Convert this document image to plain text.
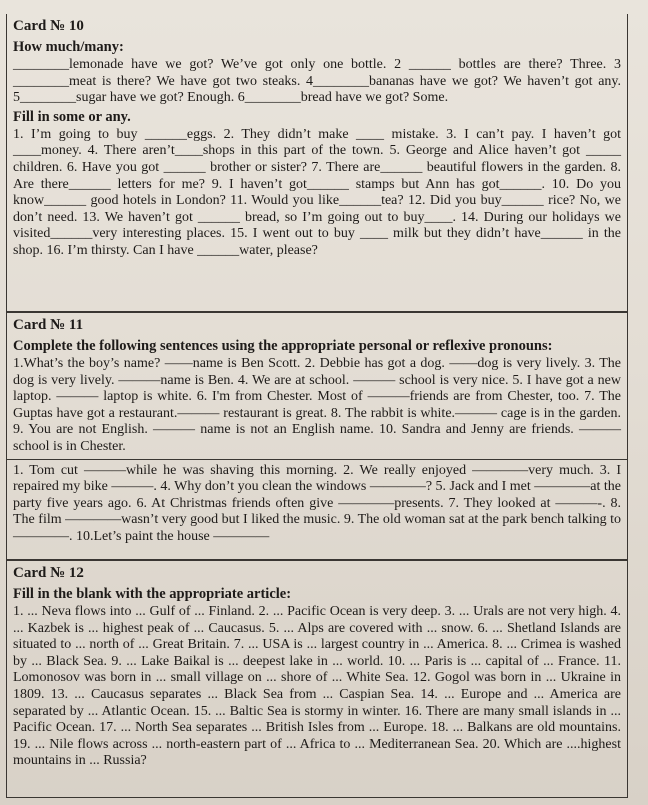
Card № 10
How much/many:

________lemonade have we got? We’ve got only one bottle. 2 ______ bottles are there? Three. 3 ________meat is there? We have got two steaks. 4________bananas have we got? We haven’t got any. 5________sugar have we got? Enough. 6________bread have we got? Some.

Fill in some or any.

1. I’m going to buy ______eggs. 2. They didn’t make ____ mistake. 3. I can’t pay. I haven’t got ____money. 4. There aren’t____shops in this part of the town. 5. George and Alice haven’t got _____ children. 6. Have you got ______ brother or sister? 7. There are______ beautiful flowers in the garden. 8. Are there______ letters for me? 9. I haven’t got______ stamps but Ann has got______. 10. Do you know______ good hotels in London? 11. Would you like______tea? 12. Did you buy______ rice? No, we don’t need. 13. We haven’t got ______ bread, so I’m going out to buy____. 14. During our holidays we visited______very interesting places. 15. I went out to buy ____ milk but they didn’t have______ in the shop. 16. I’m thirsty. Can I have ______water, please?

Card № 11
Complete the following sentences using the appropriate personal or reflexive pronouns:

1.What’s the boy’s name? ——name is Ben Scott. 2. Debbie has got a dog. ——dog is very lively. 3. The dog is very lively. ———name is Ben. 4. We are at school. ——— school is very nice. 5. I have got a new laptop. ——— laptop is white. 6. I'm from Chester. Most of ———friends are from Chester, too. 7. The Guptas have got a restaurant.——— restaurant is great. 8. The rabbit is white.——— cage is in the garden. 9. You are not English. ——— name is not an English name. 10. Sandra and Jenny are friends. ——— school is in Chester.

1. Tom cut ———while he was shaving this morning. 2. We really enjoyed ————very much. 3. I repaired my bike ———. 4. Why don’t you clean the windows ————? 5. Jack and I met ————at the party five years ago. 6. At Christmas friends often give ————presents. 7. They looked at ———-. 8. The film ————wasn’t very good but I liked the music. 9. The old woman sat at the park bench talking to ————. 10.Let’s paint the house ————

Card № 12
Fill in the blank with the appropriate article:

1. ... Neva flows into ... Gulf of ... Finland. 2. ... Pacific Ocean is very deep. 3. ... Urals are not very high. 4. ... Kazbek is ... highest peak of ... Caucasus. 5. ... Alps are covered with ... snow. 6. ... Shetland Islands are situated to ... north of ... Great Britain. 7. ... USA is ... largest country in ... America. 8. ... Crimea is washed by ... Black Sea. 9. ... Lake Baikal is ... deepest lake in ... world. 10. ... Paris is ... capital of ... France. 11. Lomonosov was born in ... small village on ... shore of ... White Sea. 12. Gogol was born in ... Ukraine in 1809. 13. ... Caucasus separates ... Black Sea from ... Caspian Sea. 14. ... Europe and ... America are separated by ... Atlantic Ocean. 15. ... Baltic Sea is stormy in winter. 16. There are many small islands in ... Pacific Ocean. 17. ... North Sea separates ... British Isles from ... Europe. 18. ... Balkans are old mountains. 19. ... Nile flows across ... north-eastern part of ... Africa to ... Mediterranean Sea. 20. Which are ....highest mountains in ... Russia?
